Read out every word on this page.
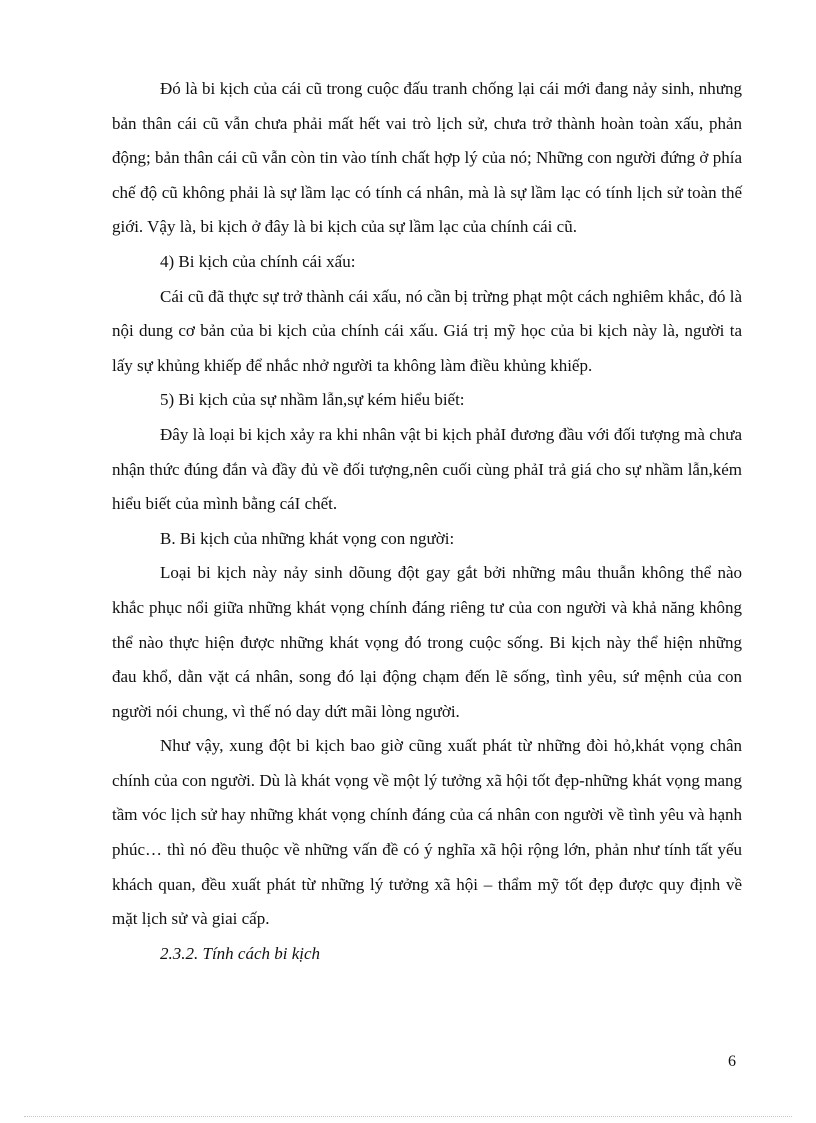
Đó là bi kịch của cái cũ trong cuộc đấu tranh chống lại cái mới đang nảy sinh, nhưng bản thân cái cũ vẫn chưa phải mất hết vai trò lịch sử, chưa trở thành hoàn toàn xấu, phản động; bản thân cái cũ vẫn còn tin vào tính chất hợp lý của nó; Những con người đứng ở phía chế độ cũ không phải là sự lầm lạc có tính cá nhân, mà là sự lầm lạc có tính lịch sử toàn thế giới. Vậy là, bi kịch ở đây là bi kịch của sự lầm lạc của chính cái cũ.

4) Bi kịch của chính cái xấu:

Cái cũ đã thực sự trở thành cái xấu, nó cần bị trừng phạt một cách nghiêm khắc, đó là nội dung cơ bản của bi kịch của chính cái xấu. Giá trị mỹ học của bi kịch này là, người ta lấy sự khủng khiếp để nhắc nhở người ta không làm điều khủng khiếp.

5) Bi kịch của sự nhầm lẫn,sự kém hiểu biết:

Đây là loại bi kịch xảy ra khi nhân vật bi kịch phảI đương đầu với đối tượng mà chưa nhận thức đúng đắn và đầy đủ về đối tượng,nên cuối cùng phảI trả giá cho sự nhầm lẫn,kém hiểu biết của mình bằng cáI chết.

B. Bi kịch của những khát vọng con người:

Loại bi kịch này nảy sinh dõung đột gay gắt bởi những mâu thuẫn không thể nào khắc phục nổi giữa những khát vọng chính đáng riêng tư của con người và khả năng không thể nào thực hiện được những khát vọng đó trong cuộc sống. Bi kịch này thể hiện những đau khổ, dằn vặt cá nhân, song đó lại động chạm đến lẽ sống, tình yêu, sứ mệnh của con người nói chung, vì thế nó day dứt mãi lòng người.

Như vậy, xung đột bi kịch bao giờ cũng xuất phát từ những đòi hỏ,khát vọng chân chính của con người. Dù là khát vọng về một lý tưởng xã hội tốt đẹp-những khát vọng mang tầm vóc lịch sử hay những khát vọng chính đáng của cá nhân con người về tình yêu và hạnh phúc… thì nó đều thuộc về những vấn đề có ý nghĩa xã hội rộng lớn, phản như tính tất yếu khách quan, đều xuất phát từ những lý tưởng xã hội – thẩm mỹ tốt đẹp được quy định về mặt lịch sử và giai cấp.

2.3.2. Tính cách bi kịch

6
